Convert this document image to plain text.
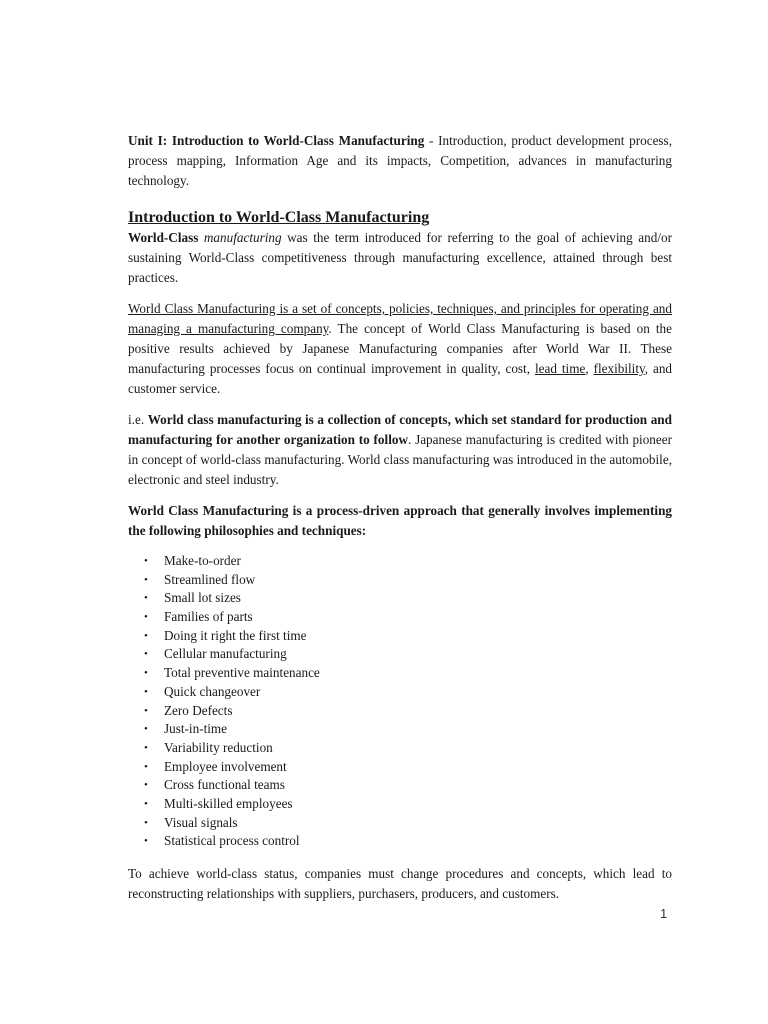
Unit I: Introduction to World-Class Manufacturing - Introduction, product development process, process mapping, Information Age and its impacts, Competition, advances in manufacturing technology.

Introduction to World-Class Manufacturing

World-Class manufacturing was the term introduced for referring to the goal of achieving and/or sustaining World-Class competitiveness through manufacturing excellence, attained through best practices.

World Class Manufacturing is a set of concepts, policies, techniques, and principles for operating and managing a manufacturing company. The concept of World Class Manufacturing is based on the positive results achieved by Japanese Manufacturing companies after World War II. These manufacturing processes focus on continual improvement in quality, cost, lead time, flexibility, and customer service.

i.e. World class manufacturing is a collection of concepts, which set standard for production and manufacturing for another organization to follow. Japanese manufacturing is credited with pioneer in concept of world-class manufacturing. World class manufacturing was introduced in the automobile, electronic and steel industry.

World Class Manufacturing is a process-driven approach that generally involves implementing the following philosophies and techniques:

• Make-to-order
• Streamlined flow
• Small lot sizes
• Families of parts
• Doing it right the first time
• Cellular manufacturing
• Total preventive maintenance
• Quick changeover
• Zero Defects
• Just-in-time
• Variability reduction
• Employee involvement
• Cross functional teams
• Multi-skilled employees
• Visual signals
• Statistical process control

To achieve world-class status, companies must change procedures and concepts, which lead to reconstructing relationships with suppliers, purchasers, producers, and customers.

1
